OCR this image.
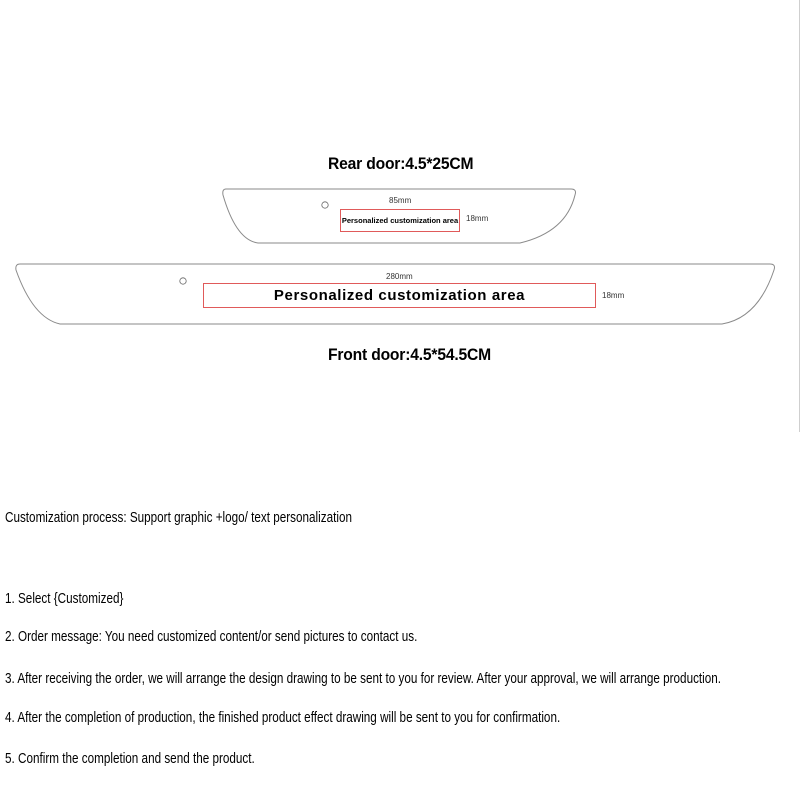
Rear door:4.5*25CM
85mm
Personalized customization area 18mm
280mm
Personalized customization area	18mm
Front door:4.5*54.5CM
Customization process: Support graphic +logo/ text personalization
1. Select {Customized}
2. Order message: You need customized content/or send pictures to contact us.
3. After receiving the order, we will arrange the design drawing to be sent to you for review. After your approval, we will arrange production.
4. After the completion of production, the finished product effect drawing will be sent to you for confirmation.
5. Confirm the completion and send the product.
